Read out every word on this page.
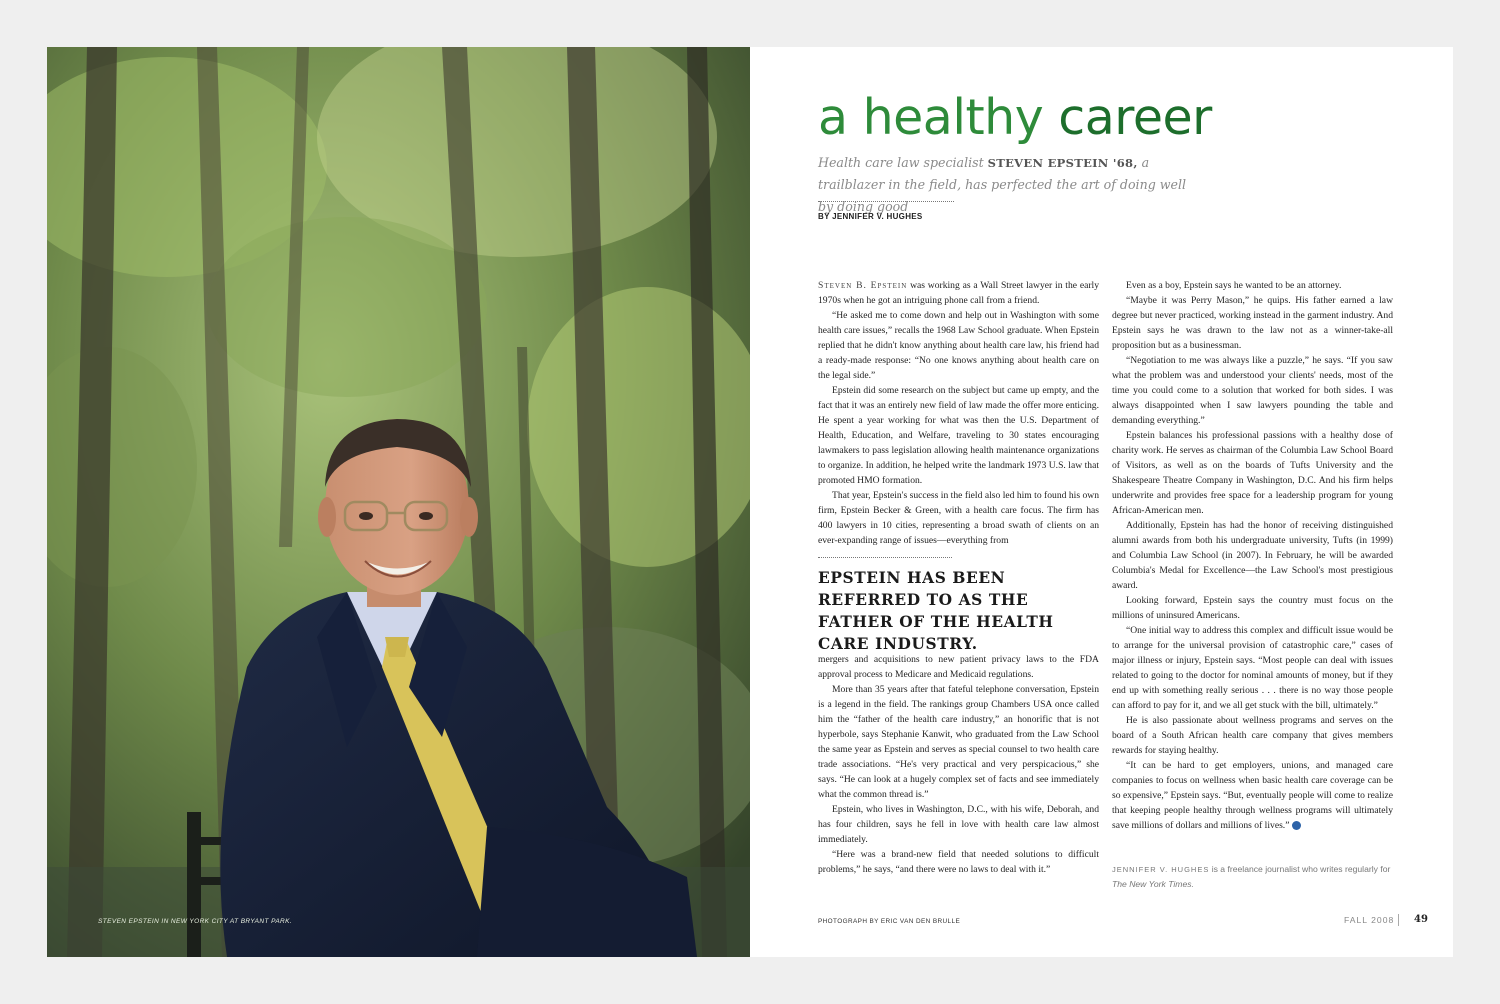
STEVEN EPSTEIN IN NEW YORK CITY AT BRYANT PARK.
a healthy career
Health care law specialist STEVEN EPSTEIN '68, a trailblazer in the field, has perfected the art of doing well by doing good
BY JENNIFER V. HUGHES

Steven B. Epstein was working as a Wall Street lawyer in the early 1970s when he got an intriguing phone call from a friend.

“He asked me to come down and help out in Washington with some health care issues,” recalls the 1968 Law School graduate. When Epstein replied that he didn't know anything about health care law, his friend had a ready-made response: “No one knows anything about health care on the legal side.”

Epstein did some research on the subject but came up empty, and the fact that it was an entirely new field of law made the offer more enticing. He spent a year working for what was then the U.S. Department of Health, Education, and Welfare, traveling to 30 states encouraging lawmakers to pass legislation allowing health maintenance organizations to organize. In addition, he helped write the landmark 1973 U.S. law that promoted HMO formation.

That year, Epstein's success in the field also led him to found his own firm, Epstein Becker & Green, with a health care focus. The firm has 400 lawyers in 10 cities, representing a broad swath of clients on an ever-expanding range of issues—everything from

EPSTEIN HAS BEEN REFERRED TO AS THE FATHER OF THE HEALTH CARE INDUSTRY.

mergers and acquisitions to new patient privacy laws to the FDA approval process to Medicare and Medicaid regulations.

More than 35 years after that fateful telephone conversation, Epstein is a legend in the field. The rankings group Chambers USA once called him the “father of the health care industry,” an honorific that is not hyperbole, says Stephanie Kanwit, who graduated from the Law School the same year as Epstein and serves as special counsel to two health care trade associations. “He's very practical and very perspicacious,” she says. “He can look at a hugely complex set of facts and see immediately what the common thread is.”

Epstein, who lives in Washington, D.C., with his wife, Deborah, and has four children, says he fell in love with health care law almost immediately.

“Here was a brand-new field that needed solutions to difficult problems,” he says, “and there were no laws to deal with it.”

Even as a boy, Epstein says he wanted to be an attorney.

“Maybe it was Perry Mason,” he quips. His father earned a law degree but never practiced, working instead in the garment industry. And Epstein says he was drawn to the law not as a winner-take-all proposition but as a businessman.

“Negotiation to me was always like a puzzle,” he says. “If you saw what the problem was and understood your clients' needs, most of the time you could come to a solution that worked for both sides. I was always disappointed when I saw lawyers pounding the table and demanding everything.”

Epstein balances his professional passions with a healthy dose of charity work. He serves as chairman of the Columbia Law School Board of Visitors, as well as on the boards of Tufts University and the Shakespeare Theatre Company in Washington, D.C. And his firm helps underwrite and provides free space for a leadership program for young African-American men.

Additionally, Epstein has had the honor of receiving distinguished alumni awards from both his undergraduate university, Tufts (in 1999) and Columbia Law School (in 2007). In February, he will be awarded Columbia's Medal for Excellence—the Law School's most prestigious award.

Looking forward, Epstein says the country must focus on the millions of uninsured Americans.

“One initial way to address this complex and difficult issue would be to arrange for the universal provision of catastrophic care,” cases of major illness or injury, Epstein says. “Most people can deal with issues related to going to the doctor for nominal amounts of money, but if they end up with something really serious . . . there is no way those people can afford to pay for it, and we all get stuck with the bill, ultimately.”

He is also passionate about wellness programs and serves on the board of a South African health care company that gives members rewards for staying healthy.

“It can be hard to get employers, unions, and managed care companies to focus on wellness when basic health care coverage can be so expensive,” Epstein says. “But, eventually people will come to realize that keeping people healthy through wellness programs will ultimately save millions of dollars and millions of lives.”

JENNIFER V. HUGHES is a freelance journalist who writes regularly for The New York Times.
PHOTOGRAPH BY ERIC VAN DEN BRULLE	FALL 2008 49
